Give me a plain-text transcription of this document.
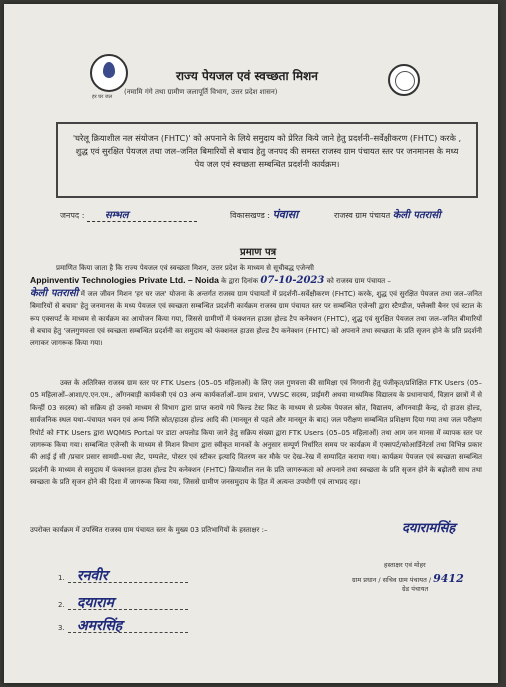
हर घर जल
राज्य पेयजल एवं स्वच्छता मिशन
(नमामि गंगे तथा ग्रामीण जलापूर्ति विभाग, उत्तर प्रदेश शासन)

'घरेलू क्रियाशील नल संयोजन (FHTC)' को अपनाने के लिये समुदाय को प्रेरित किये जाने हेतु प्रदर्शनी–सर्वेक्षीकरण (FHTC) करके , शुद्ध एवं सुरक्षित पेयजल तथा जल–जनित बिमारियों से बचाव हेतु जनपद की समस्त राजस्व ग्राम पंचायत स्तर पर जनमानस के मध्य पेय जल एवं स्वच्छता सम्बन्धित प्रदर्शनी कार्यक्रम।

जनपद : सम्भल	विकासखण्ड : पंवासा	राजस्व ग्राम पंचायत केली पतरासी
प्रमाण पत्र
प्रमाणित किया जाता है कि राज्य पेयजल एवं स्वच्छता मिशन, उत्तर प्रदेश के माध्यम से सूचीबद्ध एजेन्सी
Appinventiv Technologies Private Ltd. – Noida के द्वारा दिनांक 07-10-2023 को राजस्व ग्राम पंचायत –
केली पतरासी में जल जीवन मिशन 'हर घर जल' योजना के अन्तर्गत राजस्व ग्राम पंचायतों में प्रदर्शनी–सर्वेक्षीकरण (FHTC) करके, शुद्ध एवं सुरक्षित पेयजल तथा जल–जनित बिमारियों से बचाव' हेतु जनमानस के मध्य पेयजल एवं स्वच्छता सम्बन्धित प्रदर्शनी कार्यक्रम राजस्व ग्राम पंचायत स्तर पर सम्बन्धित एजेन्सी द्वारा स्टैण्डीज, फ्लैक्सी बैनर एवं स्टाल के रूप एक्सपर्ट के माध्यम से कार्यक्रम का आयोजन किया गया, जिससे ग्रामीणों में फंक्शनल हाउस होल्ड टैप कनेक्शन (FHTC), शुद्ध एवं सुरक्षित पेयजल तथा जल–जनित बीमारियों से बचाव हेतु 'जलगुणवत्ता एवं स्वच्छता सम्बन्धित प्रदर्शनी का समुदाय को फंक्शनल हाउस होल्ड टैप कनेक्शन (FHTC) को अपनाने तथा स्वच्छता के प्रति सृजन होने के प्रति प्रदर्शनी लगाकर जागरूक किया गया।
उक्त के अतिरिक्त राजस्व ग्राम स्तर पर FTK Users (05–05 महिलाओं) के लिए जल गुणवत्ता की सामिक्षा एवं निगरानी हेतु पंजीकृत/प्रशिक्षित FTK Users (05–05 महिलाओं–आशा/ए.एन.एम., आँगनबाड़ी कार्यकत्री एवं 03 अन्य कार्यकर्ताओं–ग्राम प्रधान, VWSC सदस्य, प्राईमरी अथवा माध्यमिक विद्यालय के प्रधानाचार्य, विज्ञान छात्रों में से किन्हीं 03 सदस्य) को सक्रिय हो उनको माध्यम से विभाग द्वारा प्राप्त कराये गये फिल्ड टेस्ट किट के माध्यम से प्रत्येक पेयजल स्रोत, विद्यालय, आँगनवाड़ी केन्द्र, दो हाउस होल्ड, सार्वजनिक स्थल यथा–पंचायत भवन एवं अन्य निजि स्रोत/हाउस होल्ड आदि की (मानसून से पहले और मानसून के बाद) जल परीक्षण सम्बन्धित प्रशिक्षण दिया गया तथा जल परीक्षण रिपोर्ट को FTK Users द्वारा WQMIS Portal पर डाटा अपलोड किया जाने हेतु सक्रिय संख्या द्वारा FTK Users (05–05 महिलाओं) तथा आम जन मानस में व्यापक स्तर पर जागरूक किया गया। सम्बन्धित एजेन्सी के माध्यम से मिशन विभाग द्वारा स्वीकृत मानकों के अनुसार सम्पूर्ण निर्धारित समय पर कार्यक्रम में एक्सपर्ट/कोआर्डिनेटर्स तथा विभिन्न प्रकार की आई ई सी /प्रचार प्रसार सामग्री–यथा लैट, पम्पलेट, पोस्टर एवं स्टीकर इत्यादि वितरण कर मौके पर देख–रेख में सम्पादित कराया गया। कार्यक्रम पेयजल एवं स्वच्छता सम्बन्धित प्रदर्शनी के माध्यम से समुदाय में फंक्शनल हाउस होल्ड टैप कनेक्शन (FHTC) क्रियाशील नल के प्रति जागरूकता को अपनाने तथा स्वच्छता के प्रति सृजन होने के बढ़ोतरी साथ तथा स्वच्छता के प्रति सृजन होने की दिशा में जागरूक किया गया, जिससे ग्रामीण जनसमुदाय के हित में अत्यन्त उपयोगी एवं लाभप्रद रहा।
उपरोक्त कार्यक्रम में उपस्थित राजस्व ग्राम पंचायत स्तर के मुख्य 03 प्रतिभागियों के हस्ताक्षर :–
1. रनवीर
2. दयाराम
3. अमरसिंह
दयारामसिंह
हस्ताक्षर एवं मोहर
ग्राम प्रधान / सचिव ग्राम पंचायत / 9412
ग्रेड पंचायत
